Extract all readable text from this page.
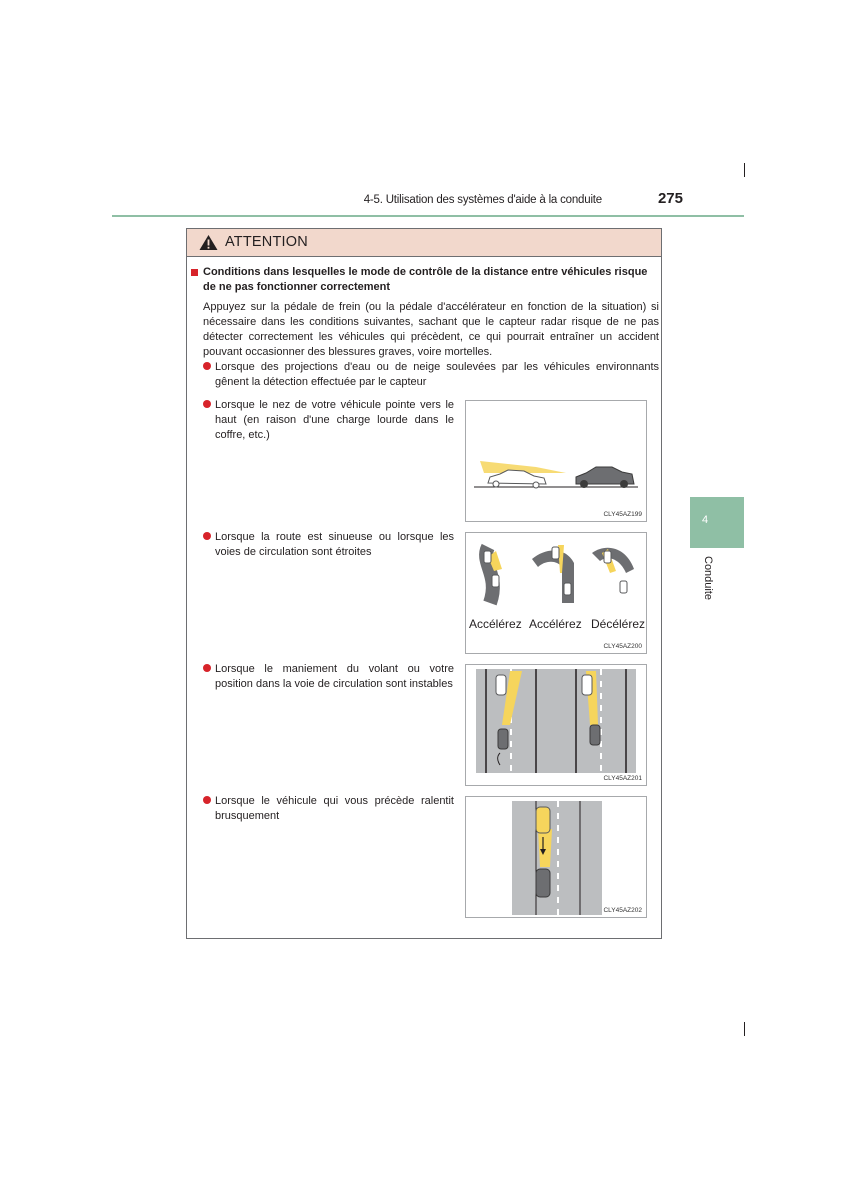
4-5. Utilisation des systèmes d'aide à la conduite	275
4
Conduite
ATTENTION
Conditions dans lesquelles le mode de contrôle de la distance entre véhicules risque de ne pas fonctionner correctement
Appuyez sur la pédale de frein (ou la pédale d'accélérateur en fonction de la situation) si nécessaire dans les conditions suivantes, sachant que le capteur radar risque de ne pas détecter correctement les véhicules qui précèdent, ce qui pourrait entraîner un accident pouvant occasionner des blessures graves, voire mortelles.
Lorsque des projections d'eau ou de neige soulevées par les véhicules environnants gênent la détection effectuée par le capteur
Lorsque le nez de votre véhicule pointe vers le haut (en raison d'une charge lourde dans le coffre, etc.)
Lorsque la route est sinueuse ou lorsque les voies de circulation sont étroites
Lorsque le maniement du volant ou votre position dans la voie de circulation sont instables
Lorsque le véhicule qui vous précède ralentit brusquement
CLY45AZ199
Accélérez Accélérez Décélérez
CLY45AZ200
CLY45AZ201
CLY45AZ202
